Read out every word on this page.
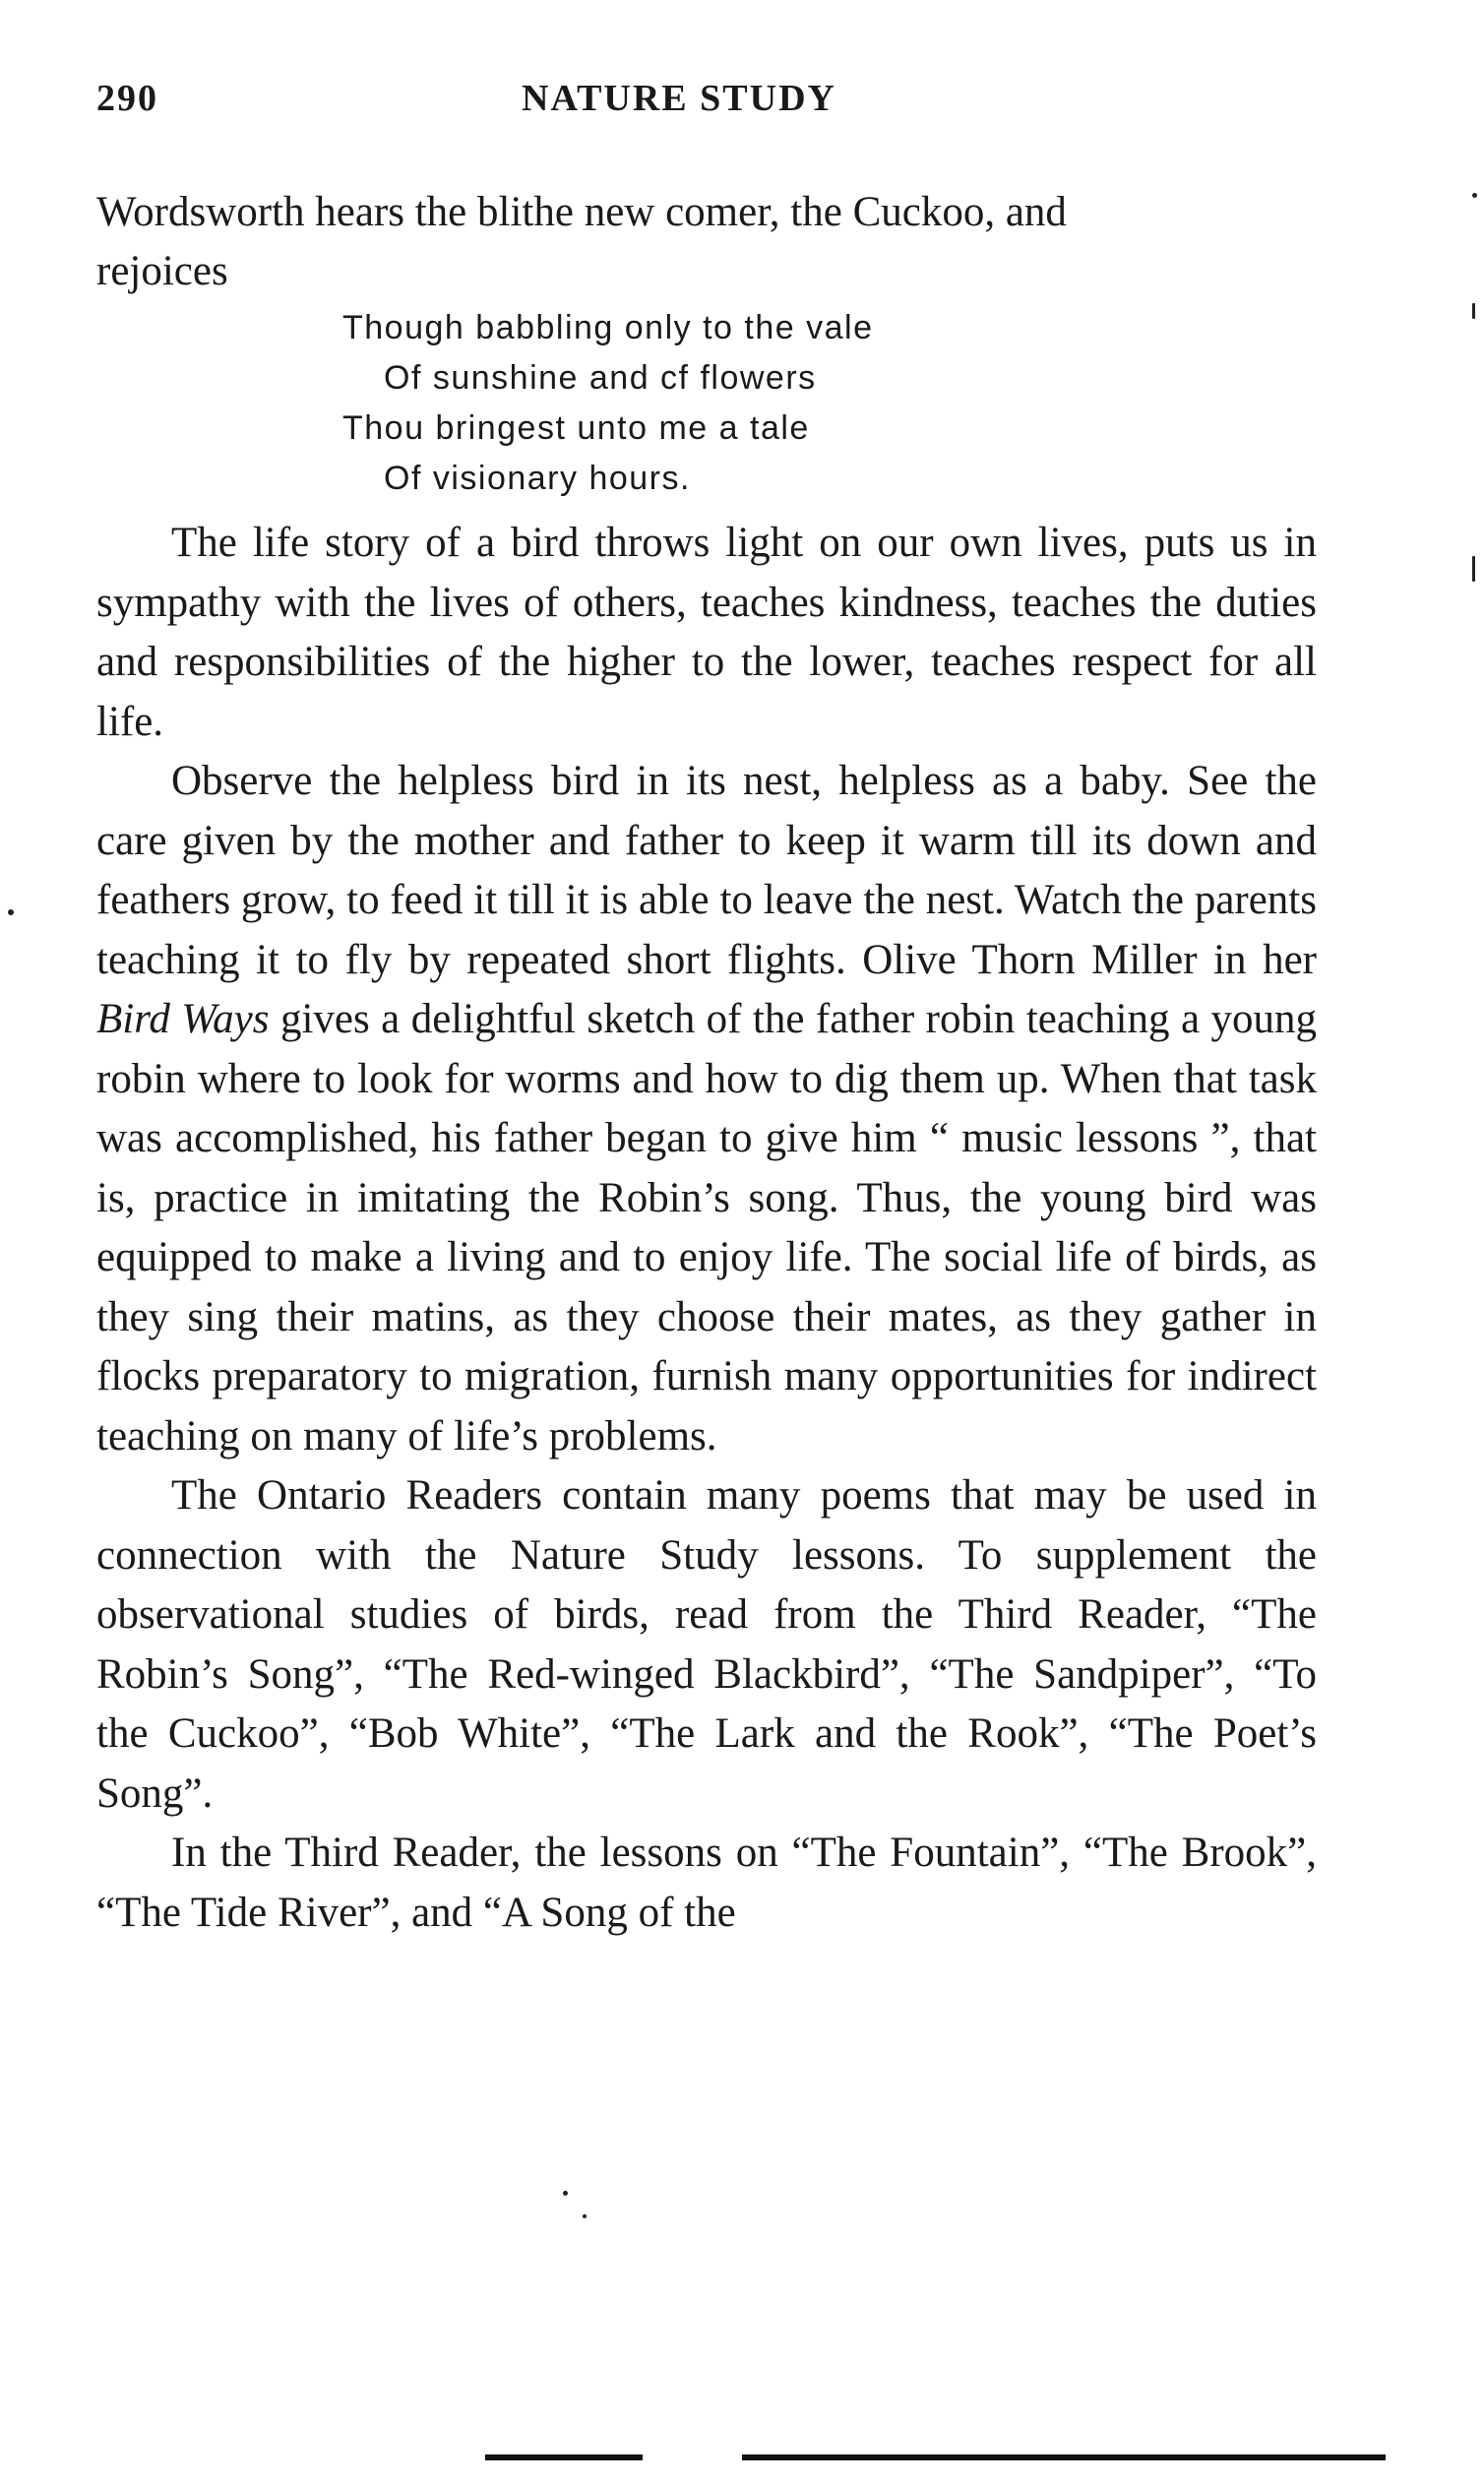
290	NATURE STUDY

Wordsworth hears the blithe new comer, the Cuckoo, and
rejoices

Though babbling only to the vale
Of sunshine and cf flowers
Thou bringest unto me a tale
Of visionary hours.

The life story of a bird throws light on our own lives, puts us in sympathy with the lives of others, teaches kindness, teaches the duties and responsibilities of the higher to the lower, teaches respect for all life.

Observe the helpless bird in its nest, helpless as a baby. See the care given by the mother and father to keep it warm till its down and feathers grow, to feed it till it is able to leave the nest. Watch the parents teaching it to fly by repeated short flights. Olive Thorn Miller in her Bird Ways gives a delightful sketch of the father robin teaching a young robin where to look for worms and how to dig them up. When that task was accomplished, his father began to give him “ music lessons ”, that is, practice in imitating the Robin’s song. Thus, the young bird was equipped to make a living and to enjoy life. The social life of birds, as they sing their matins, as they choose their mates, as they gather in flocks preparatory to migration, furnish many opportunities for indirect teaching on many of life’s problems.

The Ontario Readers contain many poems that may be used in connection with the Nature Study lessons. To supplement the observational studies of birds, read from the Third Reader, “The Robin’s Song”, “The Red-winged Blackbird”, “The Sandpiper”, “To the Cuckoo”, “Bob White”, “The Lark and the Rook”, “The Poet’s Song”.

In the Third Reader, the lessons on “The Fountain”, “The Brook”, “The Tide River”, and “A Song of the
